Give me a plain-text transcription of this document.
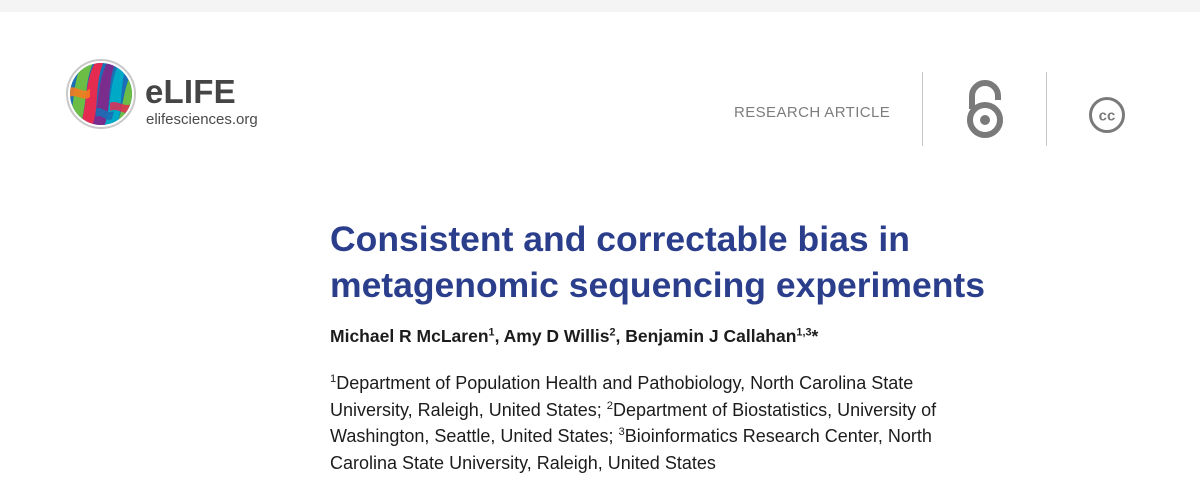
eLIFE
elifesciences.org	RESEARCH ARTICLE	cc
Consistent and correctable bias in
metagenomic sequencing experiments
Michael R McLaren$^1$, Amy D Willis$^2$, Benjamin J Callahan$^{1,3}$*
$^1$Department of Population Health and Pathobiology, North Carolina State
University, Raleigh, United States; $^2$Department of Biostatistics, University of
Washington, Seattle, United States; $^3$Bioinformatics Research Center, North
Carolina State University, Raleigh, United States
